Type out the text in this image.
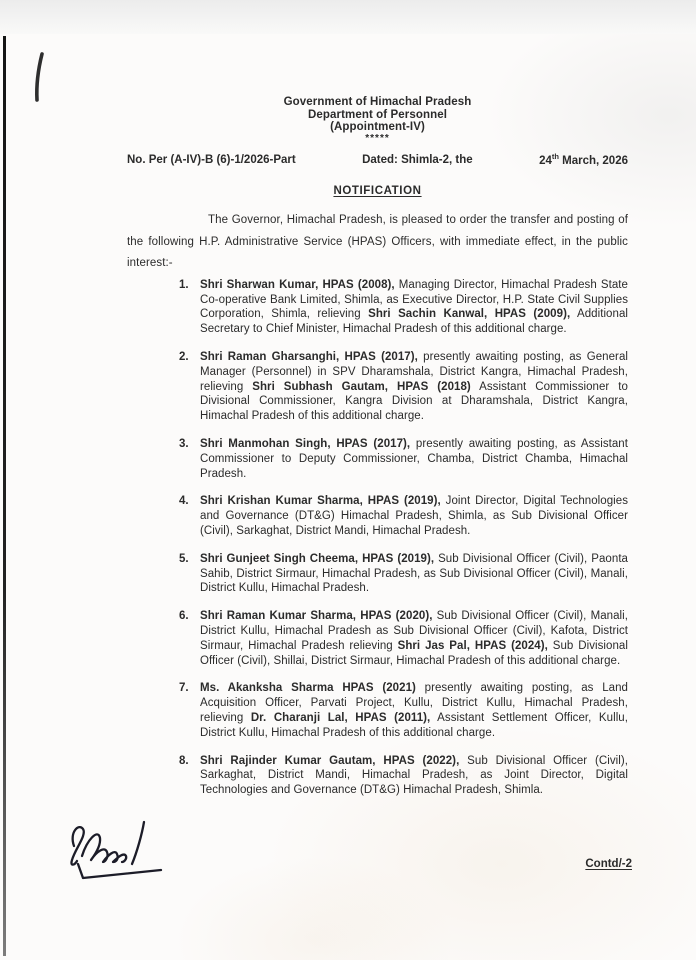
Government of Himachal Pradesh
Department of Personnel
(Appointment-IV)
*****
No. Per (A-IV)-B (6)-1/2026-Part	Dated: Shimla-2, the	24th March, 2026
NOTIFICATION
The Governor, Himachal Pradesh, is pleased to order the transfer and posting of the following H.P. Administrative Service (HPAS) Officers, with immediate effect, in the public interest:-
1. Shri Sharwan Kumar, HPAS (2008), Managing Director, Himachal Pradesh State Co-operative Bank Limited, Shimla, as Executive Director, H.P. State Civil Supplies Corporation, Shimla, relieving Shri Sachin Kanwal, HPAS (2009), Additional Secretary to Chief Minister, Himachal Pradesh of this additional charge.
2. Shri Raman Gharsanghi, HPAS (2017), presently awaiting posting, as General Manager (Personnel) in SPV Dharamshala, District Kangra, Himachal Pradesh, relieving Shri Subhash Gautam, HPAS (2018) Assistant Commissioner to Divisional Commissioner, Kangra Division at Dharamshala, District Kangra, Himachal Pradesh of this additional charge.
3. Shri Manmohan Singh, HPAS (2017), presently awaiting posting, as Assistant Commissioner to Deputy Commissioner, Chamba, District Chamba, Himachal Pradesh.
4. Shri Krishan Kumar Sharma, HPAS (2019), Joint Director, Digital Technologies and Governance (DT&G) Himachal Pradesh, Shimla, as Sub Divisional Officer (Civil), Sarkaghat, District Mandi, Himachal Pradesh.
5. Shri Gunjeet Singh Cheema, HPAS (2019), Sub Divisional Officer (Civil), Paonta Sahib, District Sirmaur, Himachal Pradesh, as Sub Divisional Officer (Civil), Manali, District Kullu, Himachal Pradesh.
6. Shri Raman Kumar Sharma, HPAS (2020), Sub Divisional Officer (Civil), Manali, District Kullu, Himachal Pradesh as Sub Divisional Officer (Civil), Kafota, District Sirmaur, Himachal Pradesh relieving Shri Jas Pal, HPAS (2024), Sub Divisional Officer (Civil), Shillai, District Sirmaur, Himachal Pradesh of this additional charge.
7. Ms. Akanksha Sharma HPAS (2021) presently awaiting posting, as Land Acquisition Officer, Parvati Project, Kullu, District Kullu, Himachal Pradesh, relieving Dr. Charanji Lal, HPAS (2011), Assistant Settlement Officer, Kullu, District Kullu, Himachal Pradesh of this additional charge.
8. Shri Rajinder Kumar Gautam, HPAS (2022), Sub Divisional Officer (Civil), Sarkaghat, District Mandi, Himachal Pradesh, as Joint Director, Digital Technologies and Governance (DT&G) Himachal Pradesh, Shimla.
Contd/-2
